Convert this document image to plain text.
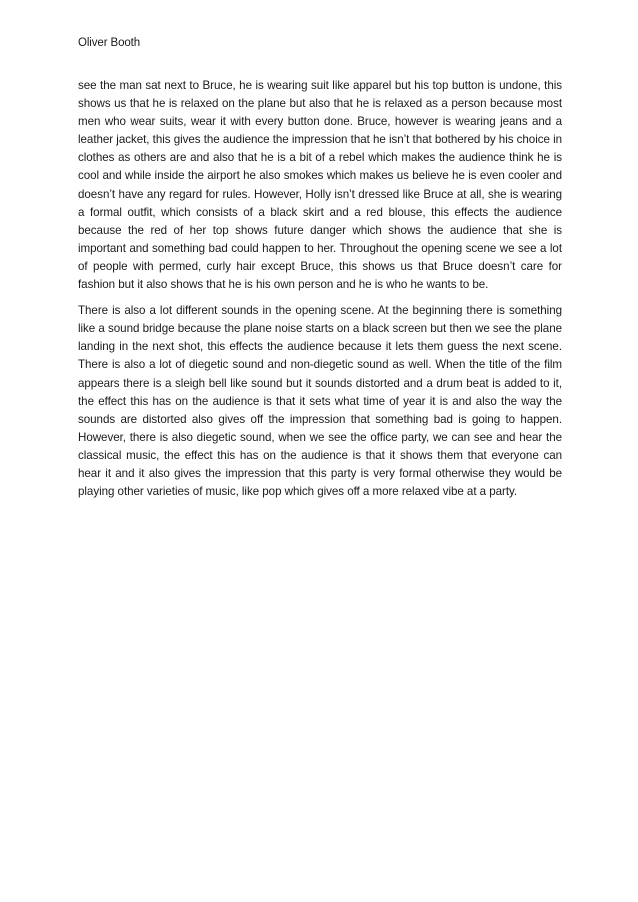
Oliver Booth

see the man sat next to Bruce, he is wearing suit like apparel but his top button is undone, this shows us that he is relaxed on the plane but also that he is relaxed as a person because most men who wear suits, wear it with every button done. Bruce, however is wearing jeans and a leather jacket, this gives the audience the impression that he isn’t that bothered by his choice in clothes as others are and also that he is a bit of a rebel which makes the audience think he is cool and while inside the airport he also smokes which makes us believe he is even cooler and doesn’t have any regard for rules. However, Holly isn’t dressed like Bruce at all, she is wearing a formal outfit, which consists of a black skirt and a red blouse, this effects the audience because the red of her top shows future danger which shows the audience that she is important and something bad could happen to her. Throughout the opening scene we see a lot of people with permed, curly hair except Bruce, this shows us that Bruce doesn’t care for fashion but it also shows that he is his own person and he is who he wants to be.

There is also a lot different sounds in the opening scene. At the beginning there is something like a sound bridge because the plane noise starts on a black screen but then we see the plane landing in the next shot, this effects the audience because it lets them guess the next scene. There is also a lot of diegetic sound and non-diegetic sound as well. When the title of the film appears there is a sleigh bell like sound but it sounds distorted and a drum beat is added to it, the effect this has on the audience is that it sets what time of year it is and also the way the sounds are distorted also gives off the impression that something bad is going to happen. However, there is also diegetic sound, when we see the office party, we can see and hear the classical music, the effect this has on the audience is that it shows them that everyone can hear it and it also gives the impression that this party is very formal otherwise they would be playing other varieties of music, like pop which gives off a more relaxed vibe at a party.
